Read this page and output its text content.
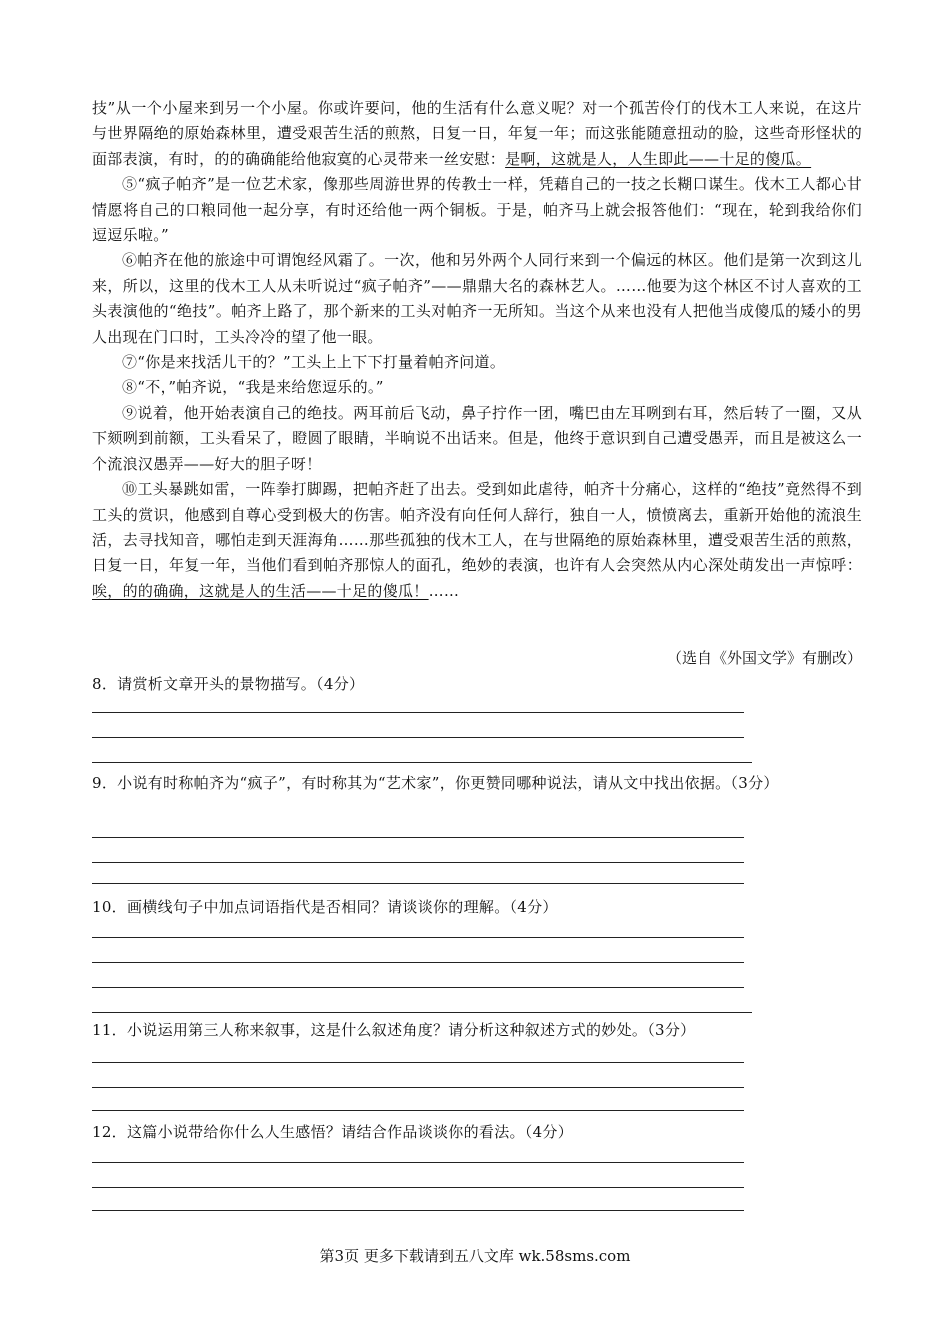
技”从一个小屋来到另一个小屋。你或许要问，他的生活有什么意义呢？对一个孤苦伶仃的伐木工人来说，在这片与世界隔绝的原始森林里，遭受艰苦生活的煎熬，日复一日，年复一年；而这张能随意扭动的脸，这些奇形怪状的面部表演，有时，的的确确能给他寂寞的心灵带来一丝安慰：是啊，这就是人，人生即此——十足的傻瓜。

⑤“疯子帕齐”是一位艺术家，像那些周游世界的传教士一样，凭藉自己的一技之长糊口谋生。伐木工人都心甘情愿将自己的口粮同他一起分享，有时还给他一两个铜板。于是，帕齐马上就会报答他们：“现在，轮到我给你们逗逗乐啦。”

⑥帕齐在他的旅途中可谓饱经风霜了。一次，他和另外两个人同行来到一个偏远的林区。他们是第一次到这儿来，所以，这里的伐木工人从未听说过“疯子帕齐”——鼎鼎大名的森林艺人。……他要为这个林区不讨人喜欢的工头表演他的“绝技”。帕齐上路了，那个新来的工头对帕齐一无所知。当这个从来也没有人把他当成傻瓜的矮小的男人出现在门口时，工头冷冷的望了他一眼。

⑦“你是来找活儿干的？”工头上上下下打量着帕齐问道。

⑧“不，”帕齐说，“我是来给您逗乐的。”

⑨说着，他开始表演自己的绝技。两耳前后飞动，鼻子拧作一团，嘴巴由左耳咧到右耳，然后转了一圈，又从下颏咧到前额，工头看呆了，瞪圆了眼睛，半晌说不出话来。但是，他终于意识到自己遭受愚弄，而且是被这么一个流浪汉愚弄——好大的胆子呀！

⑩工头暴跳如雷，一阵拳打脚踢，把帕齐赶了出去。受到如此虐待，帕齐十分痛心，这样的“绝技”竟然得不到工头的赏识，他感到自尊心受到极大的伤害。帕齐没有向任何人辞行，独自一人，愤愤离去，重新开始他的流浪生活，去寻找知音，哪怕走到天涯海角……那些孤独的伐木工人，在与世隔绝的原始森林里，遭受艰苦生活的煎熬，日复一日，年复一年，当他们看到帕齐那惊人的面孔，绝妙的表演，也许有人会突然从内心深处萌发出一声惊呼：唉，的的确确，这就是人的生活——十足的傻瓜！……

（选自《外国文学》有删改）
8．请赏析文章开头的景物描写。（4分）
9．小说有时称帕齐为“疯子”，有时称其为“艺术家”，你更赞同哪种说法，请从文中找出依据。（3分）
10．画横线句子中加点词语指代是否相同？请谈谈你的理解。（4分）
11．小说运用第三人称来叙事，这是什么叙述角度？请分析这种叙述方式的妙处。（3分）
12．这篇小说带给你什么人生感悟？请结合作品谈谈你的看法。（4分）
第3页 更多下载请到五八文库 wk.58sms.com
